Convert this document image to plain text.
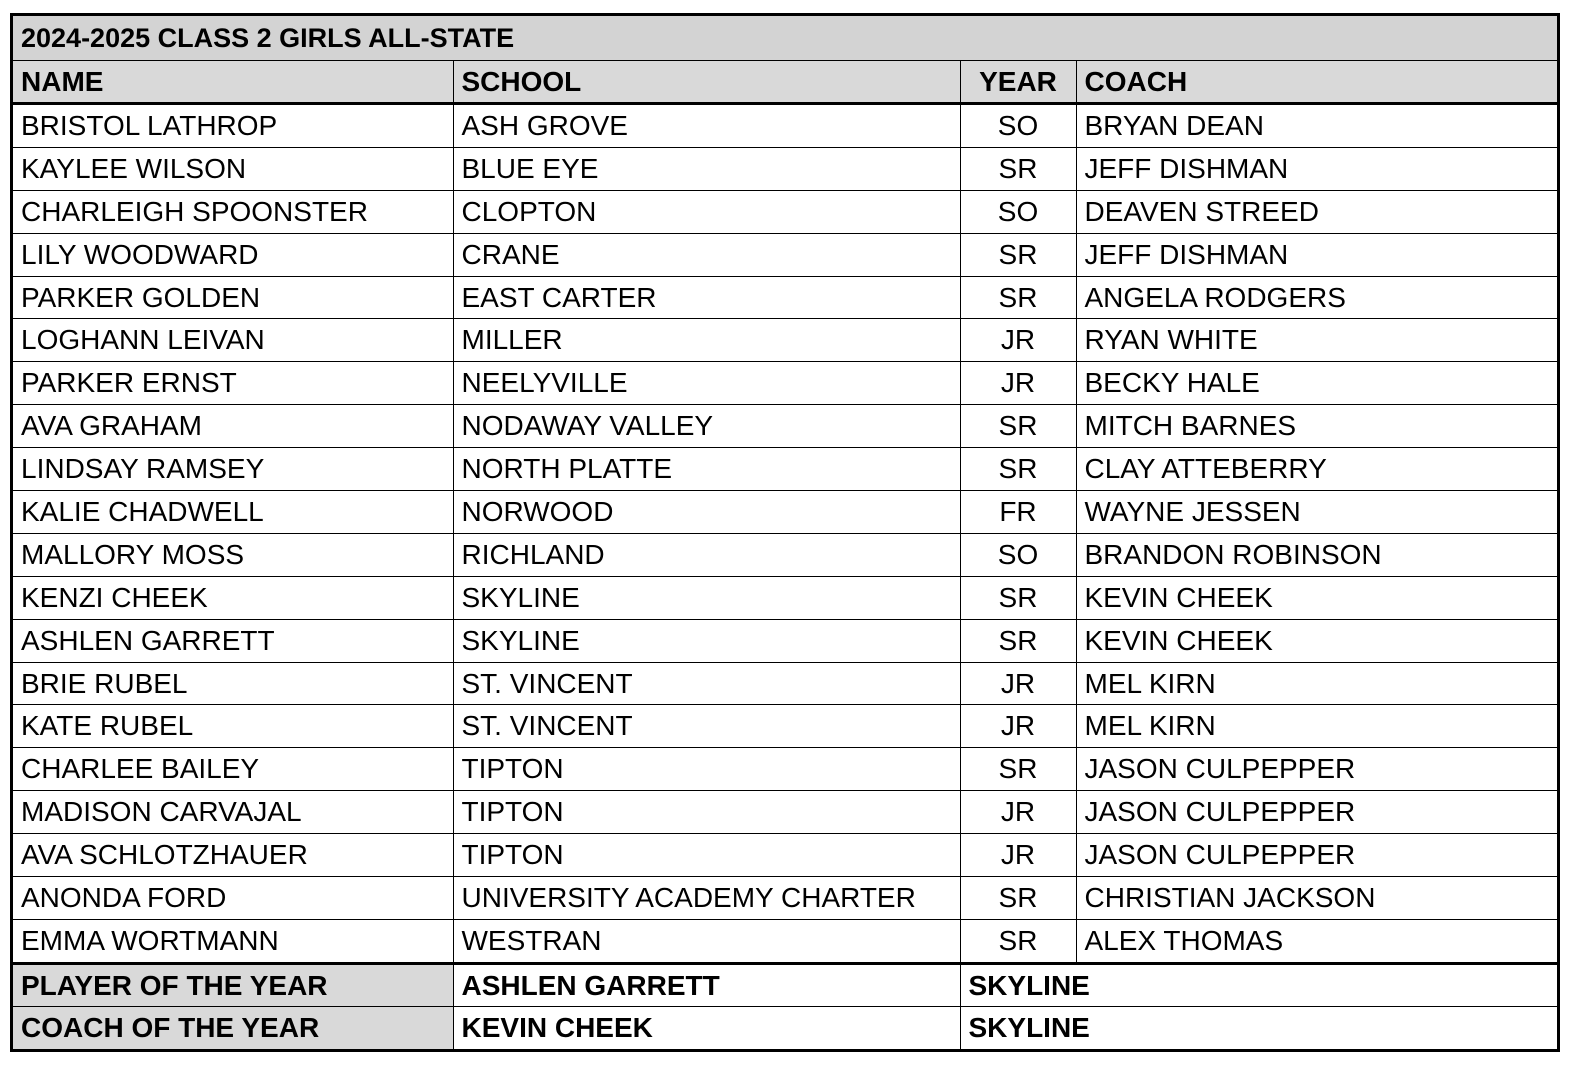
2024-2025 CLASS 2 GIRLS ALL-STATE			
NAME	SCHOOL	YEAR	COACH
BRISTOL LATHROP	ASH GROVE	SO	BRYAN DEAN
KAYLEE WILSON	BLUE EYE	SR	JEFF DISHMAN
CHARLEIGH SPOONSTER	CLOPTON	SO	DEAVEN STREED
LILY WOODWARD	CRANE	SR	JEFF DISHMAN
PARKER GOLDEN	EAST CARTER	SR	ANGELA RODGERS
LOGHANN LEIVAN	MILLER	JR	RYAN WHITE
PARKER ERNST	NEELYVILLE	JR	BECKY HALE
AVA GRAHAM	NODAWAY VALLEY	SR	MITCH BARNES
LINDSAY RAMSEY	NORTH PLATTE	SR	CLAY ATTEBERRY
KALIE CHADWELL	NORWOOD	FR	WAYNE JESSEN
MALLORY MOSS	RICHLAND	SO	BRANDON ROBINSON
KENZI CHEEK	SKYLINE	SR	KEVIN CHEEK
ASHLEN GARRETT	SKYLINE	SR	KEVIN CHEEK
BRIE RUBEL	ST. VINCENT	JR	MEL KIRN
KATE RUBEL	ST. VINCENT	JR	MEL KIRN
CHARLEE BAILEY	TIPTON	SR	JASON CULPEPPER
MADISON CARVAJAL	TIPTON	JR	JASON CULPEPPER
AVA SCHLOTZHAUER	TIPTON	JR	JASON CULPEPPER
ANONDA FORD	UNIVERSITY ACADEMY CHARTER	SR	CHRISTIAN JACKSON
EMMA WORTMANN	WESTRAN	SR	ALEX THOMAS
PLAYER OF THE YEAR	ASHLEN GARRETT	SKYLINE	
COACH OF THE YEAR	KEVIN CHEEK	SKYLINE	
